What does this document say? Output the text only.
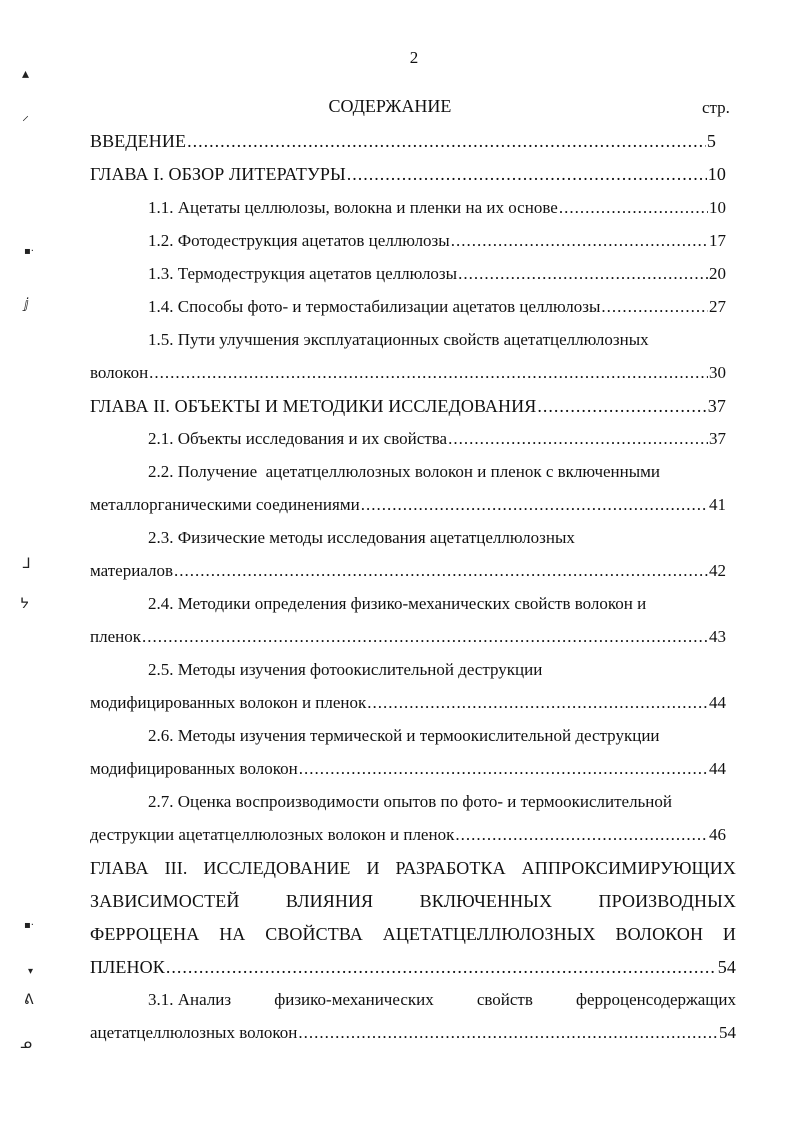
▴
⸝
▪·
ⅉ
ᒧ
ᔭ
▪·
▾
ᕕ
ᓄ
2
СОДЕРЖАНИЕ	стр.
ВВЕДЕНИЕ .....	5
ГЛАВА I. ОБЗОР ЛИТЕРАТУРЫ .....	10
1.1. Ацетаты целлюлозы, волокна и пленки на их основе .....	10
1.2. Фотодеструкция ацетатов целлюлозы .....	17
1.3. Термодеструкция ацетатов целлюлозы .....	20
1.4. Способы фото- и термостабилизации ацетатов целлюлозы .....	27
1.5. Пути улучшения эксплуатационных свойств ацетатцеллюлозных
волокон .....	30
ГЛАВА II. ОБЪЕКТЫ И МЕТОДИКИ ИССЛЕДОВАНИЯ .....	37
2.1. Объекты исследования и их свойства .....	37
2.2. Получение  ацетатцеллюлозных волокон и пленок с включенными
металлорганическими соединениями .....	41
2.3. Физические методы исследования ацетатцеллюлозных
материалов .....	42
2.4. Методики определения физико-механических свойств волокон и
пленок .....	43
2.5. Методы изучения фотоокислительной деструкции
модифицированных волокон и пленок .....	44
2.6. Методы изучения термической и термоокислительной деструкции
модифицированных волокон .....	44
2.7. Оценка воспроизводимости опытов по фото- и термоокислительной
деструкции ацетатцеллюлозных волокон и пленок .....	46
ГЛАВА III. ИССЛЕДОВАНИЕ И РАЗРАБОТКА АППРОКСИМИРУЮЩИХ
ЗАВИСИМОСТЕЙ	ВЛИЯНИЯ	ВКЛЮЧЕННЫХ	ПРОИЗВОДНЫХ
ФЕРРОЦЕНА НА СВОЙСТВА АЦЕТАТЦЕЛЛЮЛОЗНЫХ ВОЛОКОН И
ПЛЕНОК .....	54
3.1. Анализ	физико-механических	свойств	ферроценсодержащих
ацетатцеллюлозных волокон .....	54
